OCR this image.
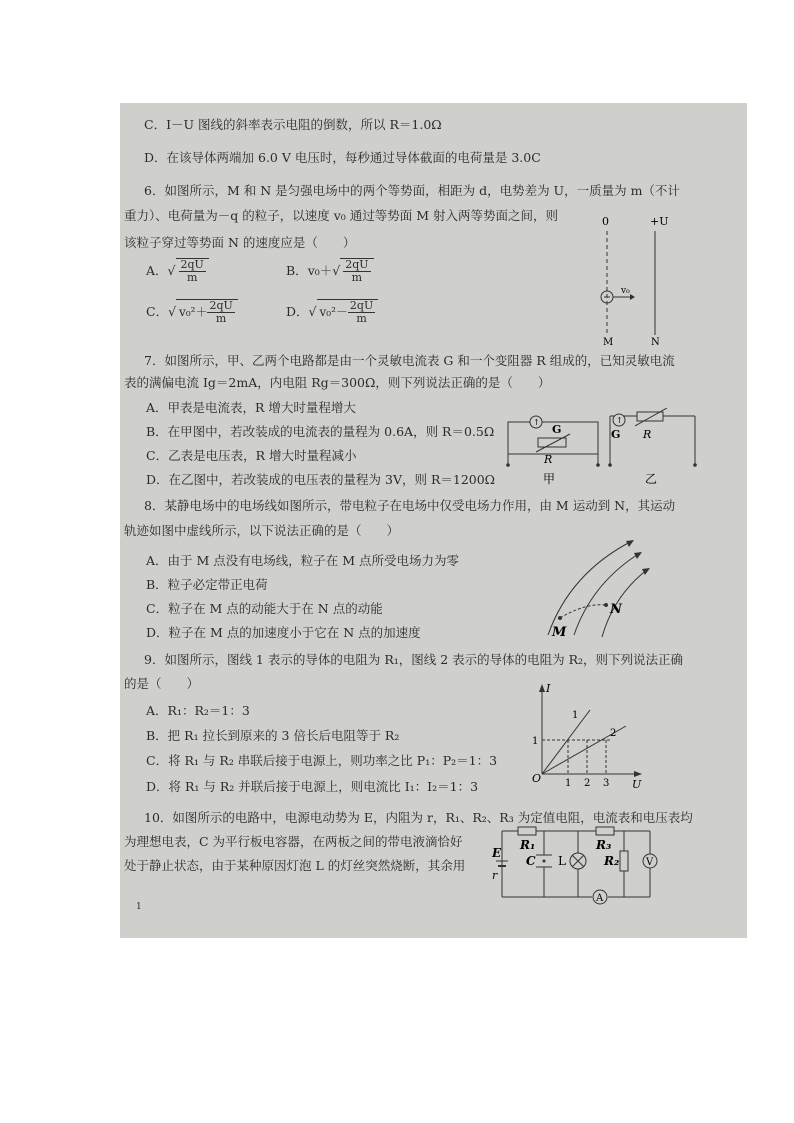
C．I－U 图线的斜率表示电阻的倒数，所以 R＝1.0Ω
D．在该导体两端加 6.0 V 电压时，每秒通过导体截面的电荷量是 3.0C
6．如图所示，M 和 N 是匀强电场中的两个等势面，相距为 d，电势差为 U，一质量为 m（不计
重力）、电荷量为－q 的粒子，以速度 v₀ 通过等势面 M 射入两等势面之间，则
该粒子穿过等势面 N 的速度应是（　　）
A．√ $\frac{2qU}{m}$	B．$v_0+√ \frac{2qU}{m}$
C．√ $v_0^2+ \frac{2qU}{m}$	D．√ $v_0^2- \frac{2qU}{m}$
0	+U
v₀
M	N
7．如图所示，甲、乙两个电路都是由一个灵敏电流表 G 和一个变阻器 R 组成的，已知灵敏电流
表的满偏电流 Ig＝2mA，内电阻 Rg＝300Ω，则下列说法正确的是（　　）
A．甲表是电流表，R 增大时量程增大
B．在甲图中，若改装成的电流表的量程为 0.6A，则 R＝0.5Ω
C．乙表是电压表，R 增大时量程减小
D．在乙图中，若改装成的电压表的量程为 3V，则 R＝1200Ω
↑
G
R
甲
↑
G R
乙
8．某静电场中的电场线如图所示，带电粒子在电场中仅受电场力作用，由 M 运动到 N，其运动
轨迹如图中虚线所示，以下说法正确的是（　　）
A．由于 M 点没有电场线，粒子在 M 点所受电场力为零
B．粒子必定带正电荷
C．粒子在 M 点的动能大于在 N 点的动能
D．粒子在 M 点的加速度小于它在 N 点的加速度	M
N
9．如图所示，图线 1 表示的导体的电阻为 R₁，图线 2 表示的导体的电阻为 R₂，则下列说法正确
的是（　　）
A．R₁：R₂＝1：3
B．把 R₁ 拉长到原来的 3 倍长后电阻等于 R₂
C．将 R₁ 与 R₂ 串联后接于电源上，则功率之比 P₁：P₂＝1：3
D．将 R₁ 与 R₂ 并联后接于电源上，则电流比 I₁：I₂＝1：3
I
U
O
1
2
1
1 2 3
10．如图所示的电路中，电源电动势为 E，内阻为 r，R₁、R₂、R₃ 为定值电阻，电流表和电压表均
为理想电表，C 为平行板电容器，在两板之间的带电液滴恰好
处于静止状态，由于某种原因灯泡 L 的灯丝突然烧断，其余用
R₁	R₃
C L	R₂	V
A
E
r
1
